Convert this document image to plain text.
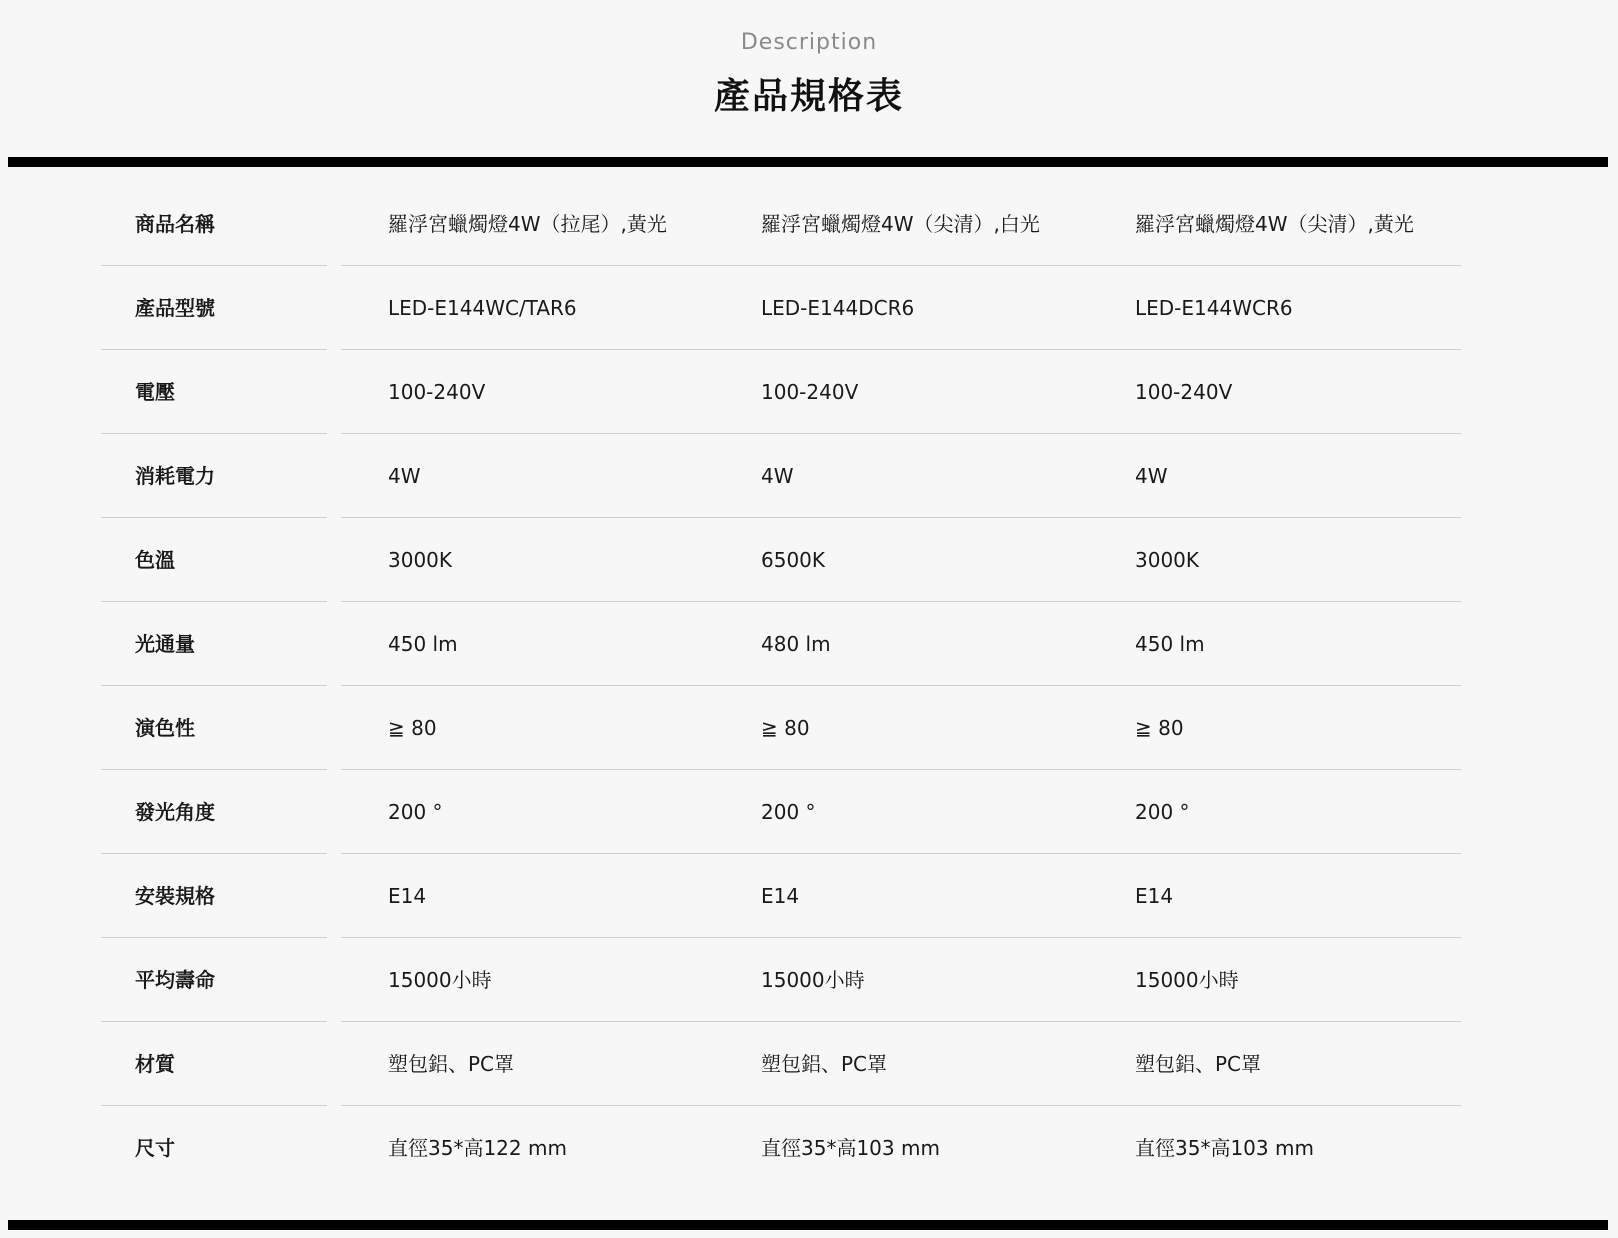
Description
產品規格表
商品名稱	羅浮宮蠟燭燈4W（拉尾）,黃光	羅浮宮蠟燭燈4W（尖清）,白光	羅浮宮蠟燭燈4W（尖清）,黃光
產品型號	LED-E144WC/TAR6	LED-E144DCR6	LED-E144WCR6
電壓	100-240V	100-240V	100-240V
消耗電力	4W	4W	4W
色溫	3000K	6500K	3000K
光通量	450 lm	480 lm	450 lm
演色性	≧ 80	≧ 80	≧ 80
發光角度	200 °	200 °	200 °
安裝規格	E14	E14	E14
平均壽命	15000小時	15000小時	15000小時
材質	塑包鋁、PC罩	塑包鋁、PC罩	塑包鋁、PC罩
尺寸	直徑35*高122 mm	直徑35*高103 mm	直徑35*高103 mm
